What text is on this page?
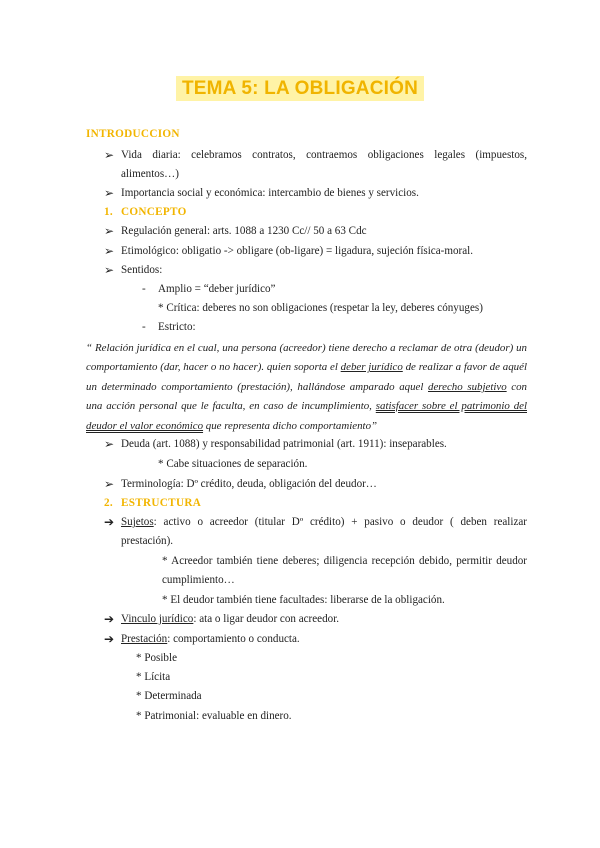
TEMA 5: LA OBLIGACIÓN
INTRODUCCION
➢ Vida diaria: celebramos contratos, contraemos obligaciones legales (impuestos, alimentos…)
➢ Importancia social y económica: intercambio de bienes y servicios.
1. CONCEPTO
➢ Regulación general: arts. 1088 a 1230 Cc// 50 a 63 Cdc
➢ Etimológico: obligatio -> obligare (ob-ligare) = ligadura, sujeción física-moral.
➢ Sentidos:
- Amplio = “deber jurídico”
* Crítica: deberes no son obligaciones (respetar la ley, deberes cónyuges)
- Estricto:
“ Relación jurídica en el cual, una persona (acreedor) tiene derecho a reclamar de otra (deudor) un comportamiento (dar, hacer o no hacer). quien soporta el deber jurídico de realizar a favor de aquél un determinado comportamiento (prestación), hallándose amparado aquel derecho subjetivo con una acción personal que le faculta, en caso de incumplimiento, satisfacer sobre el patrimonio del deudor el valor económico que representa dicho comportamiento”
➢ Deuda (art. 1088) y responsabilidad patrimonial (art. 1911): inseparables.
* Cabe situaciones de separación.
➢ Terminología: Dº crédito, deuda, obligación del deudor…
2. ESTRUCTURA
➔ Sujetos: activo o acreedor (titular Dº crédito) + pasivo o deudor ( deben realizar prestación).
* Acreedor también tiene deberes; diligencia recepción debido, permitir deudor cumplimiento…
* El deudor también tiene facultades: liberarse de la obligación.
➔ Vinculo jurídico: ata o ligar deudor con acreedor.
➔ Prestación: comportamiento o conducta.
* Posible
* Lícita
* Determinada
* Patrimonial: evaluable en dinero.
